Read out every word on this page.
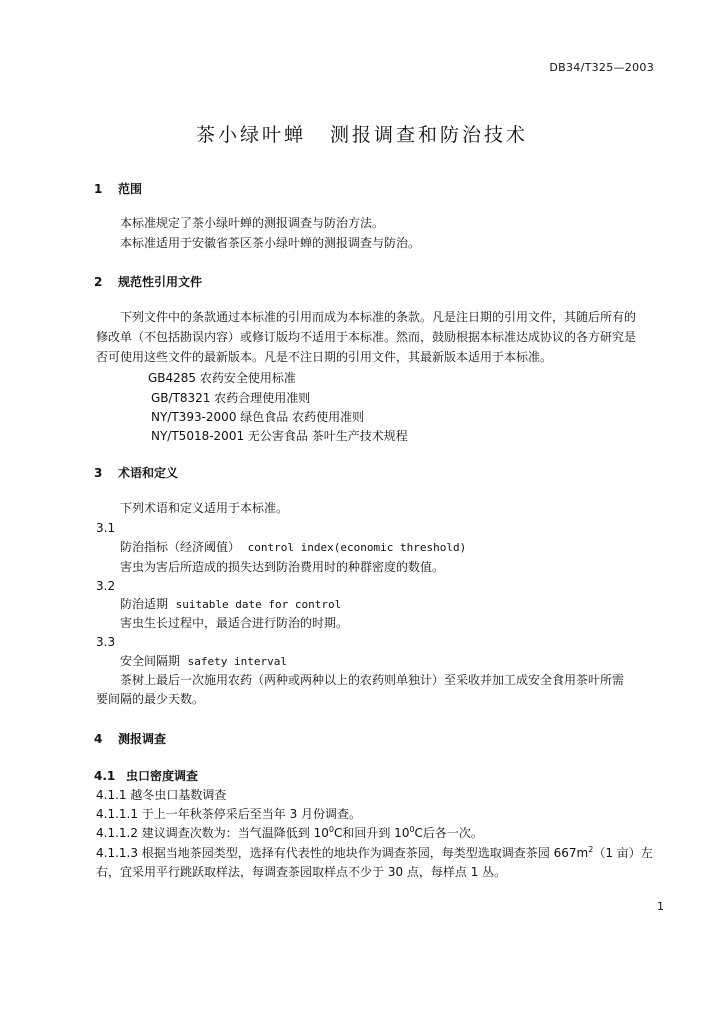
DB34/T325—2003
茶小绿叶蝉 测报调查和防治技术
1 范围
本标准规定了茶小绿叶蝉的测报调查与防治方法。
本标准适用于安徽省茶区茶小绿叶蝉的测报调查与防治。
2 规范性引用文件
下列文件中的条款通过本标准的引用而成为本标准的条款。凡是注日期的引用文件，其随后所有的
修改单（不包括勘误内容）或修订版均不适用于本标准。然而，鼓励根据本标准达成协议的各方研究是
否可使用这些文件的最新版本。凡是不注日期的引用文件，其最新版本适用于本标准。
GB4285 农药安全使用标准
GB/T8321 农药合理使用准则
NY/T393-2000 绿色食品 农药使用准则
NY/T5018-2001 无公害食品 茶叶生产技术规程
3 术语和定义
下列术语和定义适用于本标准。
3.1
防治指标（经济阈值） control index(economic threshold)
害虫为害后所造成的损失达到防治费用时的种群密度的数值。
3.2
防治适期 suitable date for control
害虫生长过程中，最适合进行防治的时期。
3.3
安全间隔期 safety interval
茶树上最后一次施用农药（两种或两种以上的农药则单独计）至采收并加工成安全食用茶叶所需
要间隔的最少天数。
4 测报调查
4.1 虫口密度调查
4.1.1 越冬虫口基数调查
4.1.1.1 于上一年秋茶停采后至当年 3 月份调查。
4.1.1.2 建议调查次数为：当气温降低到 $10^0C$和回升到 $10^0C$后各一次。
4.1.1.3 根据当地茶园类型，选择有代表性的地块作为调查茶园，每类型选取调查茶园 $667m^2(1$ 亩）左
右，宜采用平行跳跃取样法，每调查茶园取样点不少于 30 点，每样点 1 丛。
1
